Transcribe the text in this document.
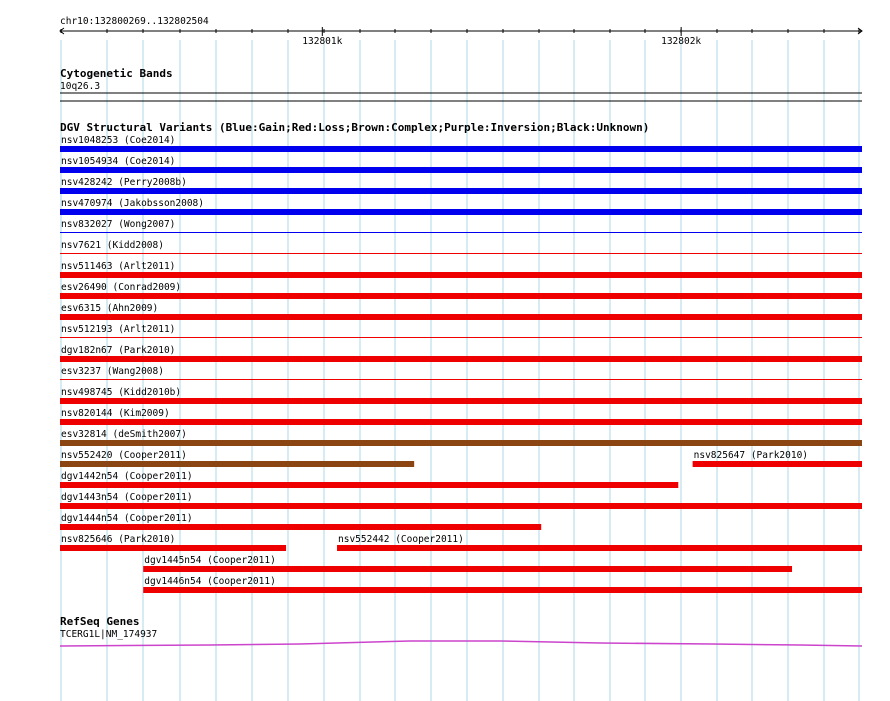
chr10:132800269..132802504
132801k	132802k
Cytogenetic Bands
10q26.3
DGV Structural Variants (Blue:Gain;Red:Loss;Brown:Complex;Purple:Inversion;Black:Unknown)
nsv1048253 (Coe2014)
nsv1054934 (Coe2014)
nsv428242 (Perry2008b)
nsv470974 (Jakobsson2008)
nsv832027 (Wong2007)
nsv7621 (Kidd2008)
nsv511463 (Arlt2011)
esv26490 (Conrad2009)
esv6315 (Ahn2009)
nsv512193 (Arlt2011)
dgv182n67 (Park2010)
esv3237 (Wang2008)
nsv498745 (Kidd2010b)
nsv820144 (Kim2009)
esv32814 (deSmith2007)
nsv552420 (Cooper2011)	nsv825647 (Park2010)
dgv1442n54 (Cooper2011)
dgv1443n54 (Cooper2011)
dgv1444n54 (Cooper2011)
nsv825646 (Park2010)	nsv552442 (Cooper2011)
dgv1445n54 (Cooper2011)
dgv1446n54 (Cooper2011)
RefSeq Genes
TCERG1L|NM_174937
